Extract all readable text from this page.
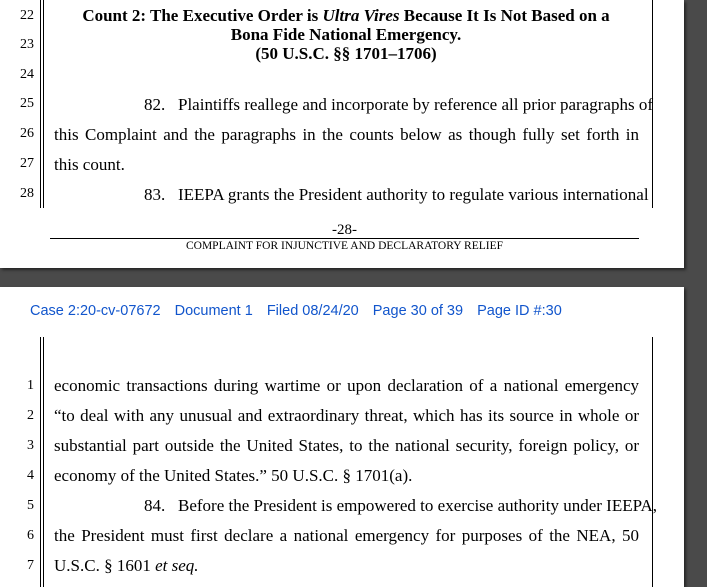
22
23
24
25
26
27
28
Count 2: The Executive Order is Ultra Vires Because It Is Not Based on a
Bona Fide National Emergency.
(50 U.S.C. §§ 1701–1706)
82. Plaintiffs reallege and incorporate by reference all prior paragraphs of
this Complaint and the paragraphs in the counts below as though fully set forth in
this count.
83. IEEPA grants the President authority to regulate various international
-28-
COMPLAINT FOR INJUNCTIVE AND DECLARATORY RELIEF
Case 2:20-cv-07672 Document 1 Filed 08/24/20 Page 30 of 39 Page ID #:30
1
2
3
4
5
6
7
economic transactions during wartime or upon declaration of a national emergency
“to deal with any unusual and extraordinary threat, which has its source in whole or
substantial part outside the United States, to the national security, foreign policy, or
economy of the United States.” 50 U.S.C. § 1701(a).
84. Before the President is empowered to exercise authority under IEEPA,
the President must first declare a national emergency for purposes of the NEA, 50
U.S.C. § 1601 et seq.
